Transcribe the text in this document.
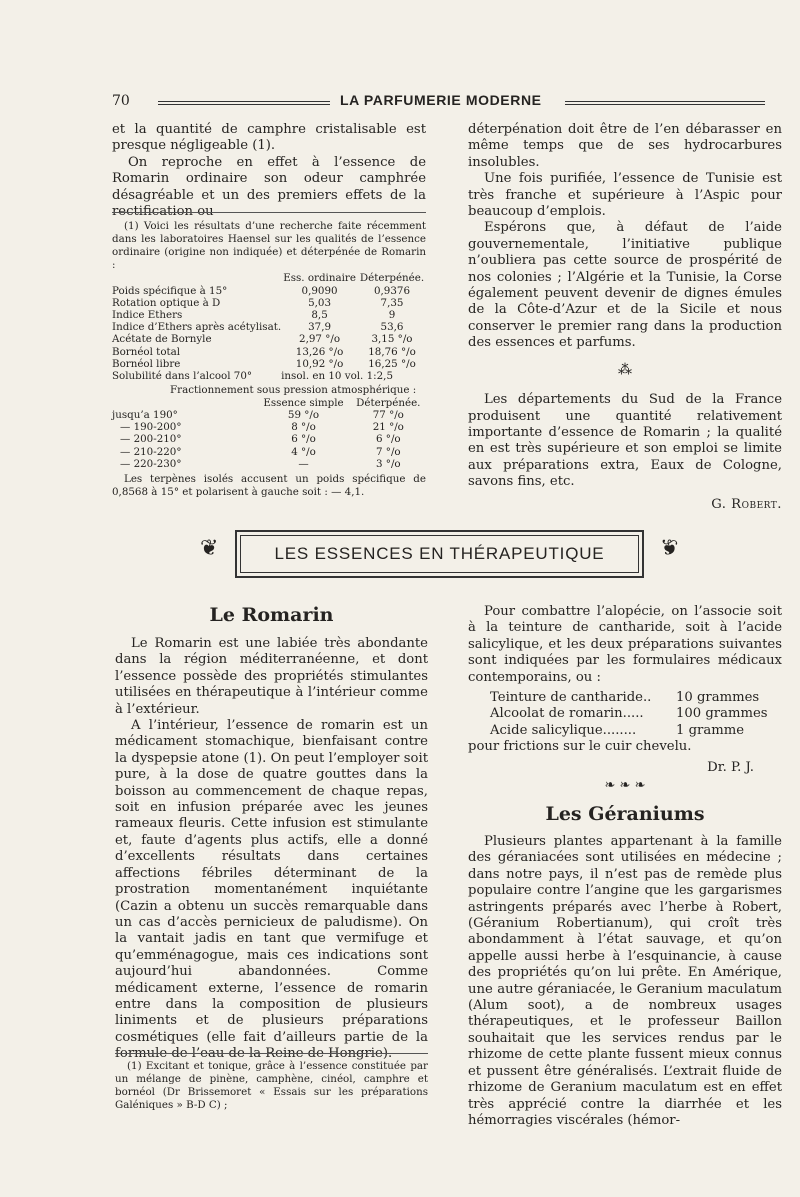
70	LA PARFUMERIE MODERNE

et la quantité de camphre cristalisable est presque négligeable (1).

On reproche en effet à l’essence de Romarin ordinaire son odeur camphrée désagréable et un des premiers effets de la rectification ou

(1) Voici les résultats d’une recherche faite récemment dans les laboratoires Haensel sur les qualités de l’essence ordinaire (origine non indiquée) et déterpénée de Romarin :

	Ess. ordinaire	Déterpénée.
Poids spécifique à 15°	0,9090	0,9376
Rotation optique à D	5,03	7,35
Indice Ethers	8,5	9
Indice d’Ethers après acétylisat.	37,9	53,6
Acétate de Bornyle	2,97 °/o	3,15 °/o
Bornéol total	13,26 °/o	18,76 °/o
Bornéol libre	10,92 °/o	16,25 °/o
Solubilité dans l’alcool 70°	insol. en 10 vol. 1:2,5	
Fractionnement sous pression atmosphérique :
	Essence simple	Déterpénée.
jusqu’a 190°	59 °/o	77 °/o
— 190-200°	8 °/o	21 °/o
— 200-210°	6 °/o	6 °/o
— 210-220°	4 °/o	7 °/o
— 220-230°	—	3 °/o

Les terpènes isolés accusent un poids spécifique de 0,8568 à 15° et polarisent à gauche soit : — 4,1.

déterpénation doit être de l’en débarasser en même temps que de ses hydrocarbures insolubles.

Une fois purifiée, l’essence de Tunisie est très franche et supérieure à l’Aspic pour beaucoup d’emplois.

Espérons que, à défaut de l’aide gouvernementale, l’initiative publique n’oubliera pas cette source de prospérité de nos colonies ; l’Algérie et la Tunisie, la Corse également peuvent devenir de dignes émules de la Côte-d’Azur et de la Sicile et nous conserver le premier rang dans la production des essences et parfums.

⁂

Les départements du Sud de la France produisent une quantité relativement importante d’essence de Romarin ; la qualité en est très supérieure et son emploi se limite aux préparations extra, Eaux de Cologne, savons fins, etc.

G. Robert.
❦	LES ESSENCES EN THÉRAPEUTIQUE	❦
Le Romarin

Le Romarin est une labiée très abondante dans la région méditerranéenne, et dont l’essence possède des propriétés stimulantes utilisées en thérapeutique à l’intérieur comme à l’extérieur.

A l’intérieur, l’essence de romarin est un médicament stomachique, bienfaisant contre la dyspepsie atone (1). On peut l’employer soit pure, à la dose de quatre gouttes dans la boisson au commencement de chaque repas, soit en infusion préparée avec les jeunes rameaux fleuris. Cette infusion est stimulante et, faute d’agents plus actifs, elle a donné d’excellents résultats dans certaines affections fébriles déterminant de la prostration momentanément inquiétante (Cazin a obtenu un succès remarquable dans un cas d’accès pernicieux de paludisme). On la vantait jadis en tant que vermifuge et qu’emménagogue, mais ces indications sont aujourd’hui abandonnées. Comme médicament externe, l’essence de romarin entre dans la composition de plusieurs liniments et de plusieurs préparations cosmétiques (elle fait d’ailleurs partie de la formule de l’eau de la Reine de Hongrie).

(1) Excitant et tonique, grâce à l’essence constituée par un mélange de pinène, camphène, cinéol, camphre et bornéol (Dr Brissemoret « Essais sur les préparations Galéniques » B-D C) ;

Pour combattre l’alopécie, on l’associe soit à la teinture de cantharide, soit à l’acide salicylique, et les deux préparations suivantes sont indiquées par les formulaires médicaux contemporains, ou :

Teinture de cantharide..	10 grammes
Alcoolat de romarin.....	100 grammes
Acide salicylique........	1 gramme

pour frictions sur le cuir chevelu.

Dr. P. J.
❧ ❧ ❧
Les Géraniums

Plusieurs plantes appartenant à la famille des géraniacées sont utilisées en médecine ; dans notre pays, il n’est pas de remède plus populaire contre l’angine que les gargarismes astringents préparés avec l’herbe à Robert, (Géranium Robertianum), qui croît très abondamment à l’état sauvage, et qu’on appelle aussi herbe à l’esquinancie, à cause des propriétés qu’on lui prête. En Amérique, une autre géraniacée, le Geranium maculatum (Alum soot), a de nombreux usages thérapeutiques, et le professeur Baillon souhaitait que les services rendus par le rhizome de cette plante fussent mieux connus et pussent être généralisés. L’extrait fluide de rhizome de Geranium maculatum est en effet très apprécié contre la diarrhée et les hémorragies viscérales (hémor-
